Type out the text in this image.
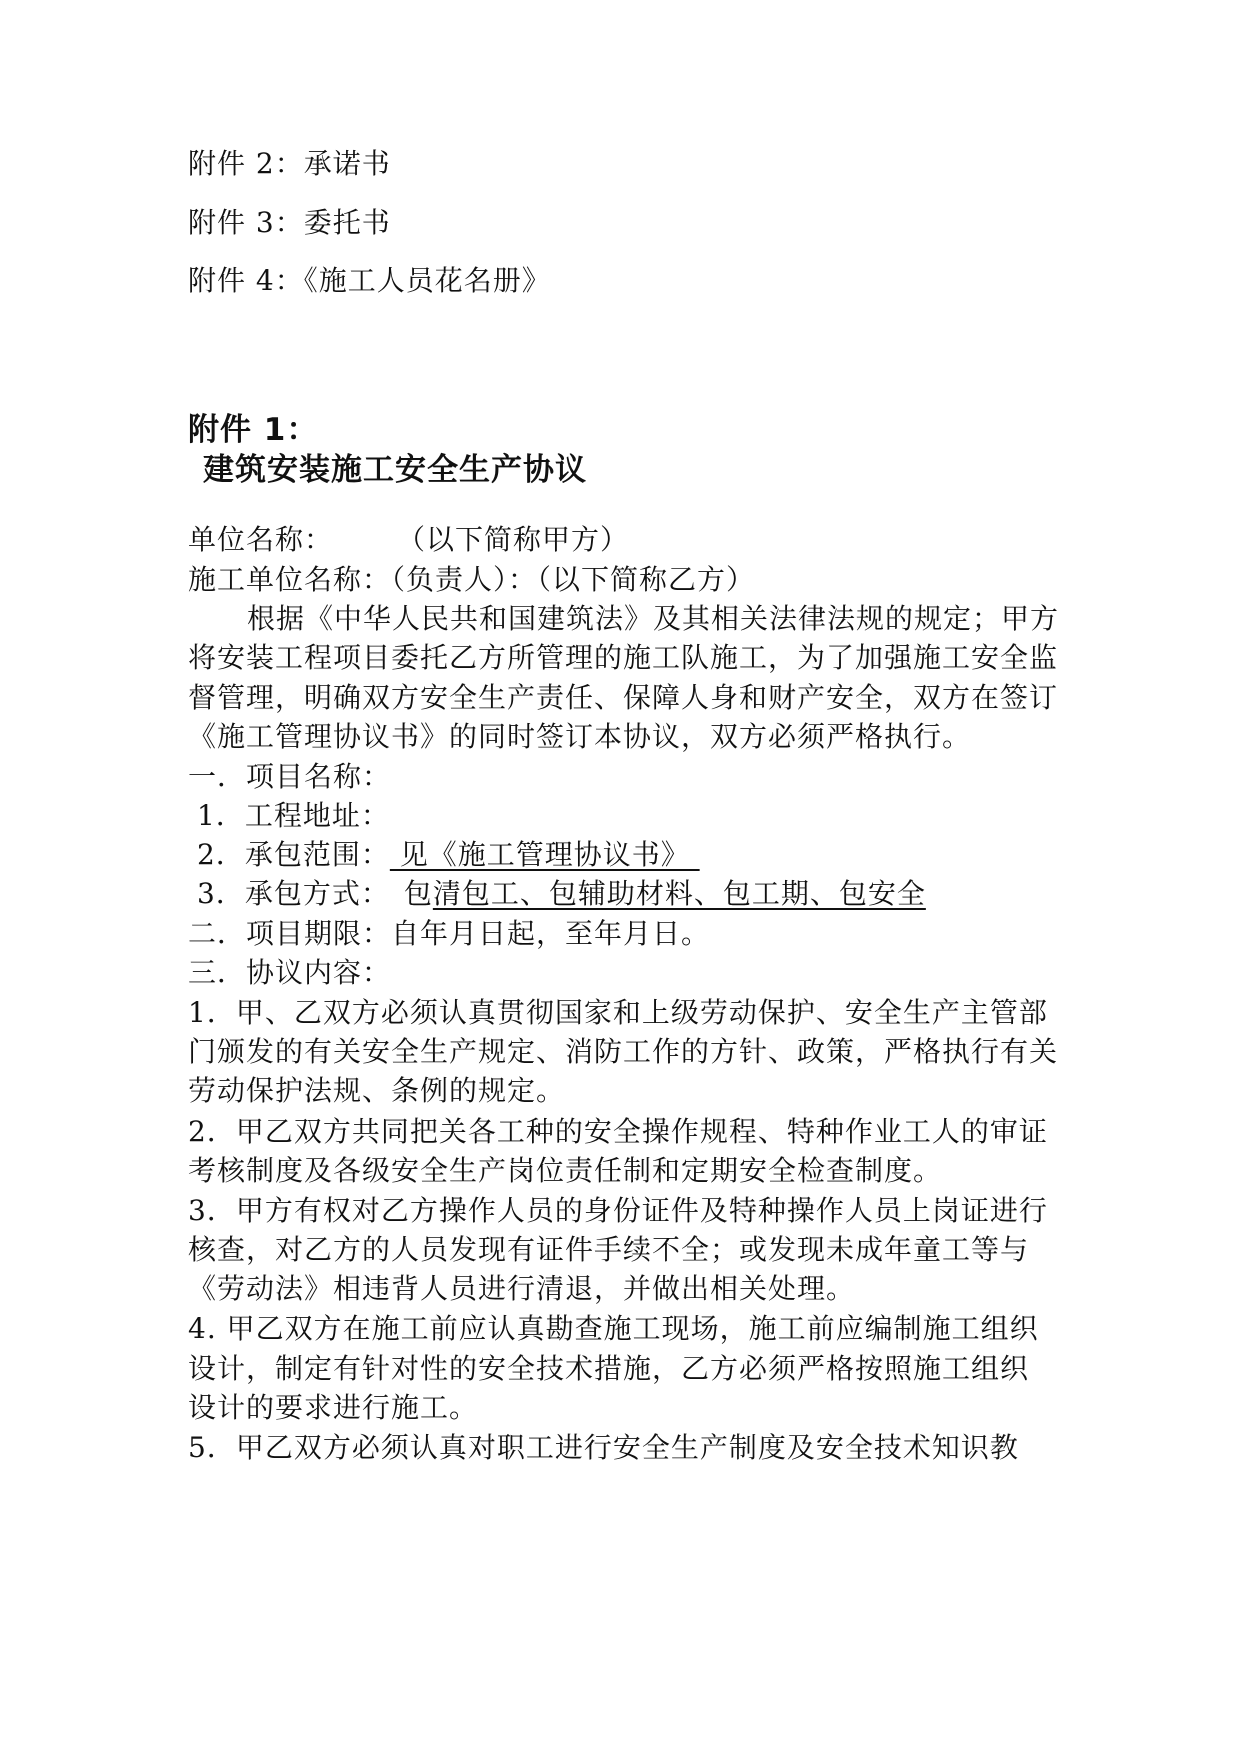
附件 2：承诺书
附件 3：委托书
附件 4：《施工人员花名册》
附件 1：
建筑安装施工安全生产协议
单位名称： （以下简称甲方）
施工单位名称：（负责人）：（以下简称乙方）
根据《中华人民共和国建筑法》及其相关法律法规的规定；甲方
将安装工程项目委托乙方所管理的施工队施工，为了加强施工安全监
督管理，明确双方安全生产责任、保障人身和财产安全，双方在签订
《施工管理协议书》的同时签订本协议，双方必须严格执行。
一．项目名称：
1．工程地址：
2．承包范围： 见《施工管理协议书》
3．承包方式： 包清包工、包辅助材料、包工期、包安全
二．项目期限：自年月日起，至年月日。
三．协议内容：
1．甲、乙双方必须认真贯彻国家和上级劳动保护、安全生产主管部
门颁发的有关安全生产规定、消防工作的方针、政策，严格执行有关
劳动保护法规、条例的规定。
2．甲乙双方共同把关各工种的安全操作规程、特种作业工人的审证
考核制度及各级安全生产岗位责任制和定期安全检查制度。
3．甲方有权对乙方操作人员的身份证件及特种操作人员上岗证进行
核查，对乙方的人员发现有证件手续不全；或发现未成年童工等与
《劳动法》相违背人员进行清退，并做出相关处理。
4. 甲乙双方在施工前应认真勘查施工现场，施工前应编制施工组织
设计，制定有针对性的安全技术措施，乙方必须严格按照施工组织
设计的要求进行施工。
5．甲乙双方必须认真对职工进行安全生产制度及安全技术知识教
